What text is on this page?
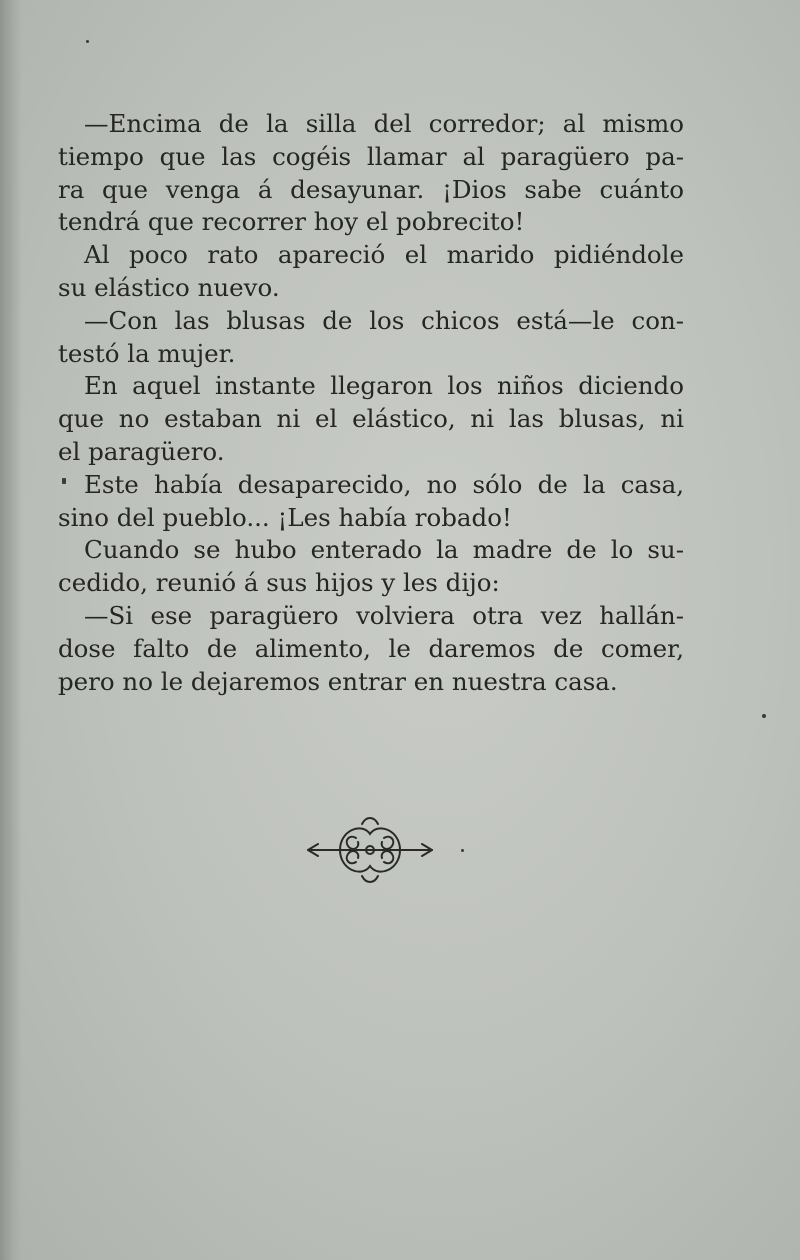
—Encima de la silla del corredor; al mismo
tiempo que las cogéis llamar al paragüero pa-
ra que venga á desayunar. ¡Dios sabe cuánto
tendrá que recorrer hoy el pobrecito!
Al poco rato apareció el marido pidiéndole
su elástico nuevo.
—Con las blusas de los chicos está—le con-
testó la mujer.
En aquel instante llegaron los niños diciendo
que no estaban ni el elástico, ni las blusas, ni
el paragüero.
Este había desaparecido, no sólo de la casa,
sino del pueblo... ¡Les había robado!
Cuando se hubo enterado la madre de lo su-
cedido, reunió á sus hijos y les dijo:
—Si ese paragüero volviera otra vez hallán-
dose falto de alimento, le daremos de comer,
pero no le dejaremos entrar en nuestra casa.
